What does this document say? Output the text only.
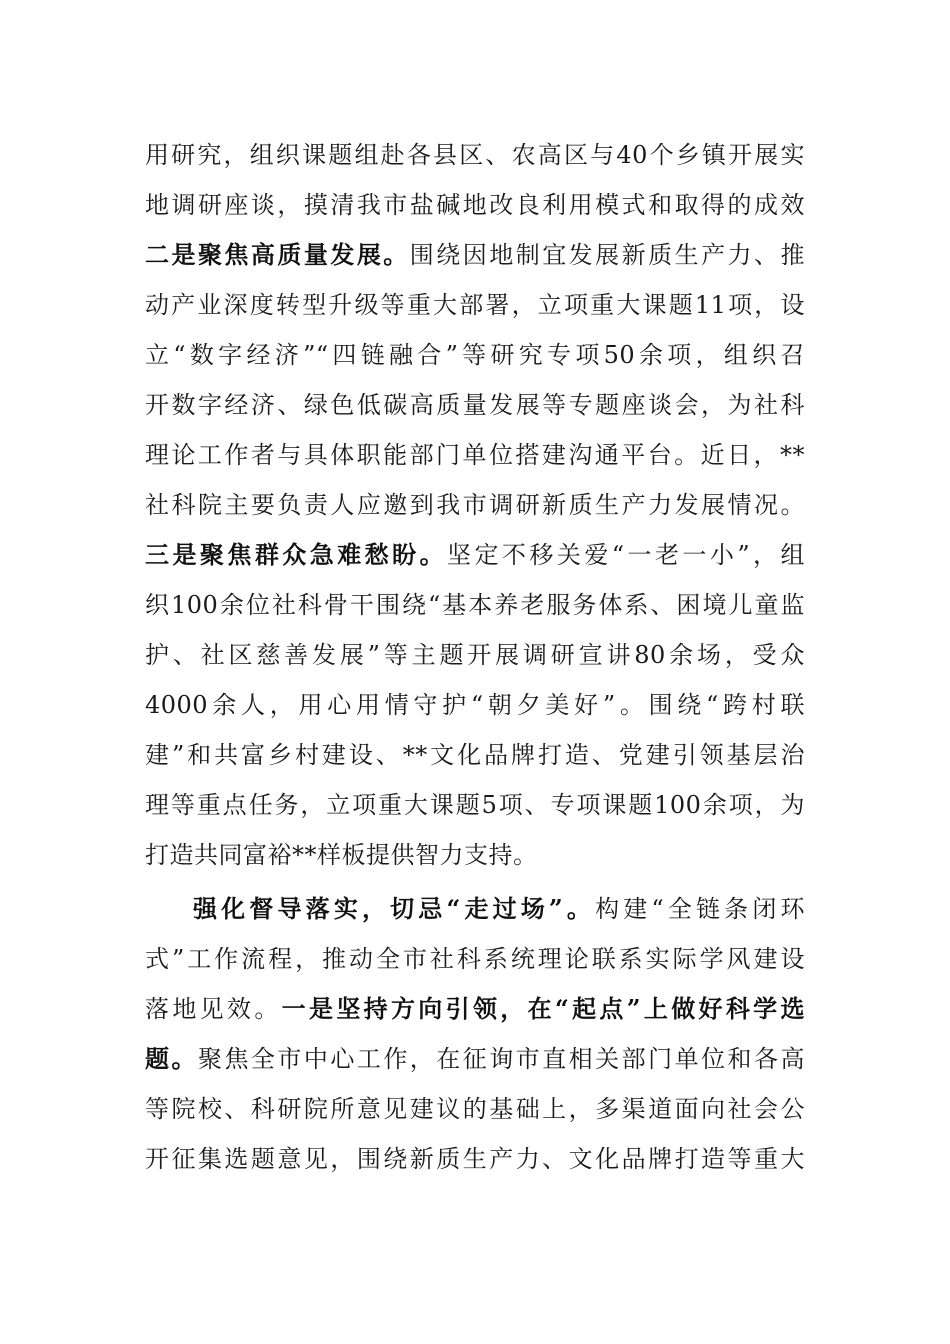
用研究，组织课题组赴各县区、农高区与40个乡镇开展实
地调研座谈，摸清我市盐碱地改良利用模式和取得的成效
二是聚焦高质量发展。围绕因地制宜发展新质生产力、推
动产业深度转型升级等重大部署，立项重大课题11项，设
立“数字经济”“四链融合”等研究专项50余项，组织召
开数字经济、绿色低碳高质量发展等专题座谈会，为社科
理论工作者与具体职能部门单位搭建沟通平台。近日，**
社科院主要负责人应邀到我市调研新质生产力发展情况。
三是聚焦群众急难愁盼。坚定不移关爱“一老一小”，组
织100余位社科骨干围绕“基本养老服务体系、困境儿童监
护、社区慈善发展”等主题开展调研宣讲80余场，受众
4000余人，用心用情守护“朝夕美好”。围绕“跨村联
建”和共富乡村建设、**文化品牌打造、党建引领基层治
理等重点任务，立项重大课题5项、专项课题100余项，为
打造共同富裕**样板提供智力支持。
强化督导落实，切忌“走过场”。构建“全链条闭环
式”工作流程，推动全市社科系统理论联系实际学风建设
落地见效。一是坚持方向引领，在“起点”上做好科学选
题。聚焦全市中心工作，在征询市直相关部门单位和各高
等院校、科研院所意见建议的基础上，多渠道面向社会公
开征集选题意见，围绕新质生产力、文化品牌打造等重大
